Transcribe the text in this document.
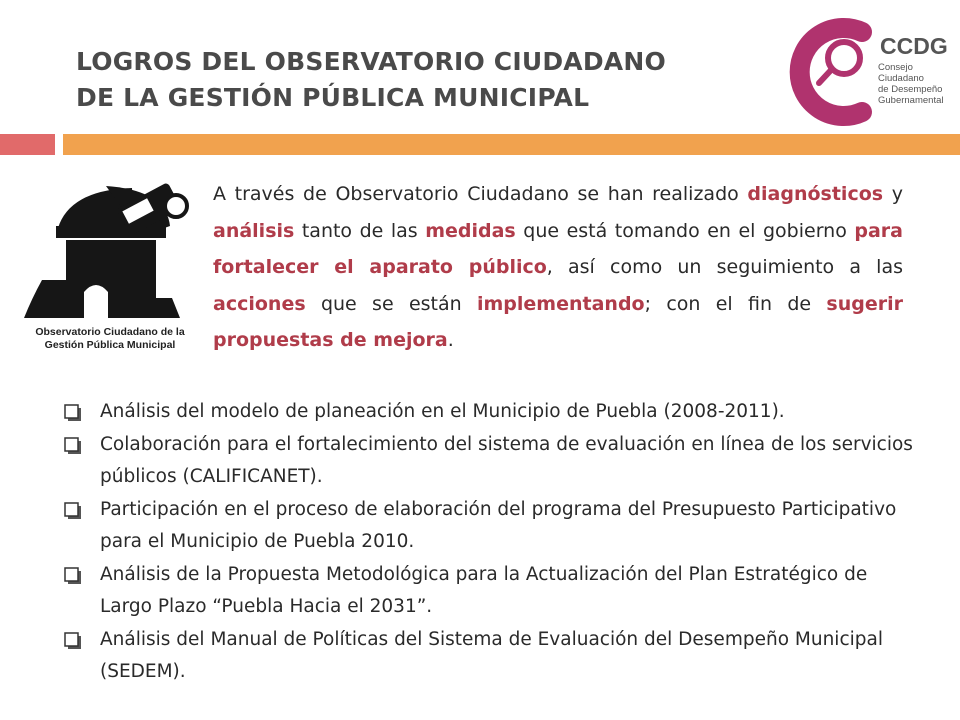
LOGROS DEL OBSERVATORIO CIUDADANO
DE LA GESTIÓN PÚBLICA MUNICIPAL
CCDG
Consejo
Ciudadano
de Desempeño
Gubernamental
Observatorio Ciudadano de la
Gestión Pública Municipal

A través de Observatorio Ciudadano se han realizado diagnósticos y análisis tanto de las medidas que está tomando en el gobierno para fortalecer el aparato público, así como un seguimiento a las acciones que se están implementando; con el fin de sugerir propuestas de mejora.

Análisis del modelo de planeación en el Municipio de Puebla (2008-2011).
Colaboración para el fortalecimiento del sistema de evaluación en línea de los servicios públicos (CALIFICANET).
Participación en el proceso de elaboración del programa del Presupuesto Participativo para el Municipio de Puebla 2010.
Análisis de la Propuesta Metodológica para la Actualización del Plan Estratégico de Largo Plazo “Puebla Hacia el 2031”.
Análisis del Manual de Políticas del Sistema de Evaluación del Desempeño Municipal (SEDEM).
